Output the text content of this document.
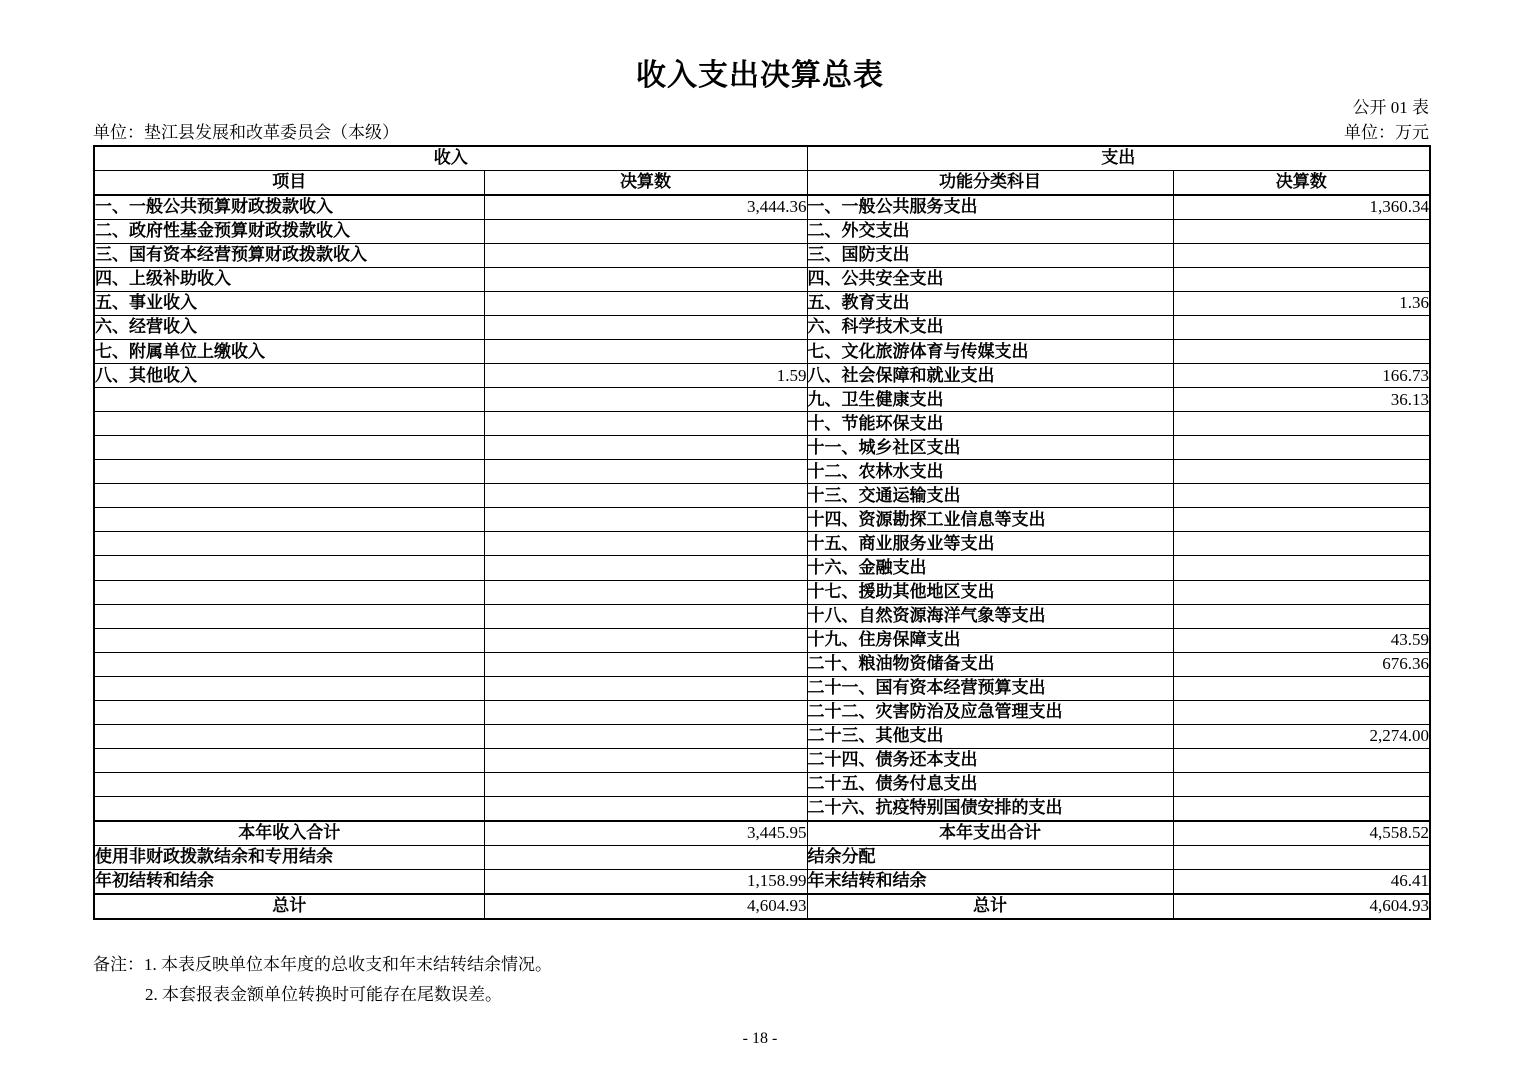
收入支出决算总表
公开 01 表
单位：垫江县发展和改革委员会（本级）	单位：万元
收入		支出	
项目	决算数	功能分类科目	决算数
一、一般公共预算财政拨款收入	3,444.36	一、一般公共服务支出	1,360.34
二、政府性基金预算财政拨款收入		二、外交支出	
三、国有资本经营预算财政拨款收入		三、国防支出	
四、上级补助收入		四、公共安全支出	
五、事业收入		五、教育支出	1.36
六、经营收入		六、科学技术支出	
七、附属单位上缴收入		七、文化旅游体育与传媒支出	
八、其他收入	1.59	八、社会保障和就业支出	166.73
		九、卫生健康支出	36.13
		十、节能环保支出	
		十一、城乡社区支出	
		十二、农林水支出	
		十三、交通运输支出	
		十四、资源勘探工业信息等支出	
		十五、商业服务业等支出	
		十六、金融支出	
		十七、援助其他地区支出	
		十八、自然资源海洋气象等支出	
		十九、住房保障支出	43.59
		二十、粮油物资储备支出	676.36
		二十一、国有资本经营预算支出	
		二十二、灾害防治及应急管理支出	
		二十三、其他支出	2,274.00
		二十四、债务还本支出	
		二十五、债务付息支出	
		二十六、抗疫特别国债安排的支出	
本年收入合计	3,445.95	本年支出合计	4,558.52
使用非财政拨款结余和专用结余		结余分配	
年初结转和结余	1,158.99	年末结转和结余	46.41
总计	4,604.93	总计	4,604.93
备注：1. 本表反映单位本年度的总收支和年末结转结余情况。
2. 本套报表金额单位转换时可能存在尾数误差。
- 18 -
